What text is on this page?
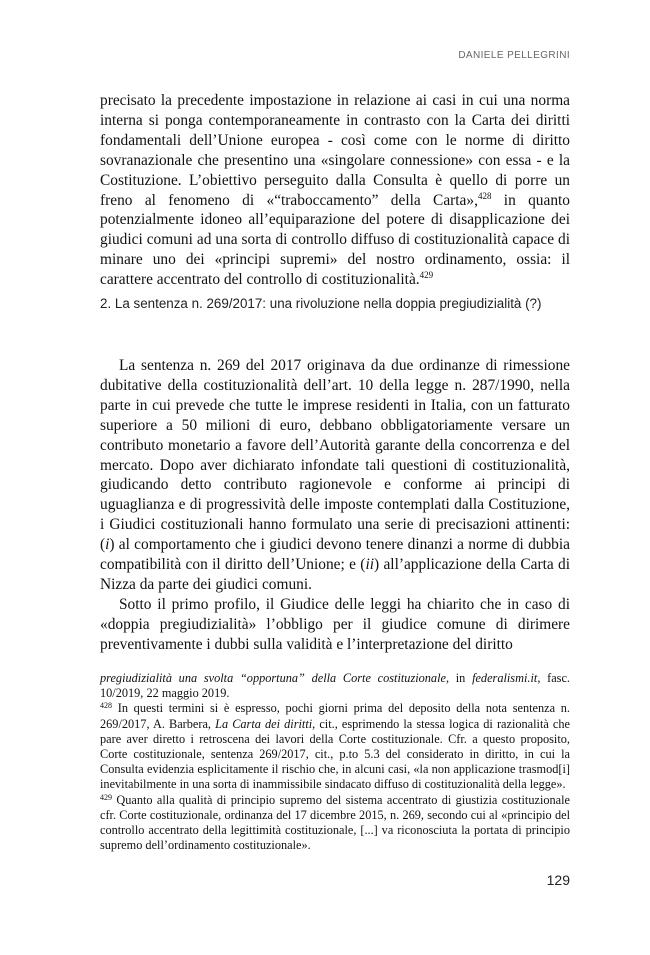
DANIELE PELLEGRINI

precisato la precedente impostazione in relazione ai casi in cui una norma interna si ponga contemporaneamente in contrasto con la Carta dei diritti fondamentali dell’Unione europea - così come con le norme di diritto sovranazionale che presentino una «singolare connessione» con essa - e la Costituzione. L’obiettivo perseguito dalla Consulta è quello di porre un freno al fenomeno di «“traboccamento” della Carta»,$^{428}$ in quanto potenzialmente idoneo all’equiparazione del potere di disapplicazione dei giudici comuni ad una sorta di controllo diffuso di costituzionalità capace di minare uno dei «principi supremi» del nostro ordinamento, ossia: il carattere accentrato del controllo di costituzionalità.$^{429}$

2. La sentenza n. 269/2017: una rivoluzione nella doppia pregiudizialità (?)

La sentenza n. 269 del 2017 originava da due ordinanze di rimessione dubitative della costituzionalità dell’art. 10 della legge n. 287/1990, nella parte in cui prevede che tutte le imprese residenti in Italia, con un fatturato superiore a 50 milioni di euro, debbano obbligatoriamente versare un contributo monetario a favore dell’Autorità garante della concorrenza e del mercato. Dopo aver dichiarato infondate tali questioni di costituzionalità, giudicando detto contributo ragionevole e conforme ai principi di uguaglianza e di progressività delle imposte contemplati dalla Costituzione, i Giudici costituzionali hanno formulato una serie di precisazioni attinenti: (i) al comportamento che i giudici devono tenere dinanzi a norme di dubbia compatibilità con il diritto dell’Unione; e (ii) all’applicazione della Carta di Nizza da parte dei giudici comuni.

Sotto il primo profilo, il Giudice delle leggi ha chiarito che in caso di «doppia pregiudizialità» l’obbligo per il giudice comune di dirimere preventivamente i dubbi sulla validità e l’interpretazione del diritto

pregiudizialità una svolta “opportuna” della Corte costituzionale, in federalismi.it, fasc. 10/2019, 22 maggio 2019.

$^{428}$ In questi termini si è espresso, pochi giorni prima del deposito della nota sentenza n. 269/2017, A. Barbera, La Carta dei diritti, cit., esprimendo la stessa logica di razionalità che pare aver diretto i retroscena dei lavori della Corte costituzionale. Cfr. a questo proposito, Corte costituzionale, sentenza 269/2017, cit., p.to 5.3 del considerato in diritto, in cui la Consulta evidenzia esplicitamente il rischio che, in alcuni casi, «la non applicazione trasmod[i] inevitabilmente in una sorta di inammissibile sindacato diffuso di costituzionalità della legge».

$^{429}$ Quanto alla qualità di principio supremo del sistema accentrato di giustizia costituzionale cfr. Corte costituzionale, ordinanza del 17 dicembre 2015, n. 269, secondo cui al «principio del controllo accentrato della legittimità costituzionale, [...] va riconosciuta la portata di principio supremo dell’ordinamento costituzionale».

129
